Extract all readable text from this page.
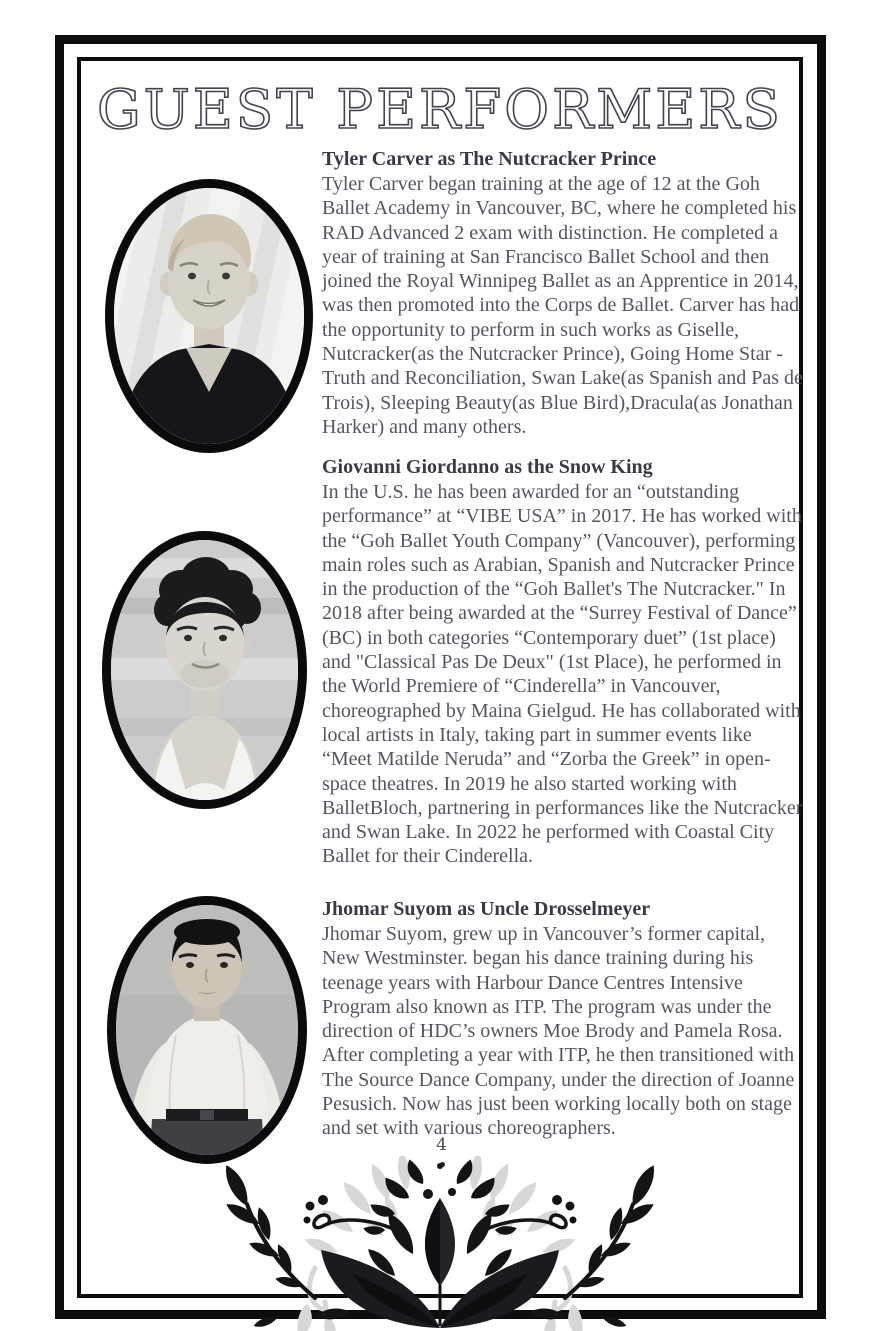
GUEST PERFORMERS
Tyler Carver as The Nutcracker Prince

Tyler Carver began training at the age of 12 at the Goh Ballet Academy in Vancouver, BC, where he completed his RAD Advanced 2 exam with distinction. He completed a year of training at San Francisco Ballet School and then joined the Royal Winnipeg Ballet as an Apprentice in 2014, was then promoted into the Corps de Ballet. Carver has had the opportunity to perform in such works as Giselle, Nutcracker(as the Nutcracker Prince), Going Home Star - Truth and Reconciliation, Swan Lake(as Spanish and Pas de Trois), Sleeping Beauty(as Blue Bird),Dracula(as Jonathan Harker) and many others.

Giovanni Giordanno as the Snow King

In the U.S. he has been awarded for an “outstanding performance” at “VIBE USA” in 2017. He has worked with the “Goh Ballet Youth Company” (Vancouver), performing main roles such as Arabian, Spanish and Nutcracker Prince in the production of the “Goh Ballet's The Nutcracker." In 2018 after being awarded at the “Surrey Festival of Dance” (BC) in both categories “Contemporary duet” (1st place) and "Classical Pas De Deux" (1st Place), he performed in the World Premiere of “Cinderella” in Vancouver, choreographed by Maina Gielgud. He has collaborated with local artists in Italy, taking part in summer events like “Meet Matilde Neruda” and “Zorba the Greek” in open-space theatres. In 2019 he also started working with BalletBloch, partnering in performances like the Nutcracker and Swan Lake. In 2022 he performed with Coastal City Ballet for their Cinderella.

Jhomar Suyom as Uncle Drosselmeyer

Jhomar Suyom, grew up in Vancouver’s former capital, New Westminster. began his dance training during his teenage years with Harbour Dance Centres Intensive Program also known as ITP. The program was under the direction of HDC’s owners Moe Brody and Pamela Rosa. After completing a year with ITP, he then transitioned with The Source Dance Company, under the direction of Joanne Pesusich. Now has just been working locally both on stage and set with various choreographers.

4
